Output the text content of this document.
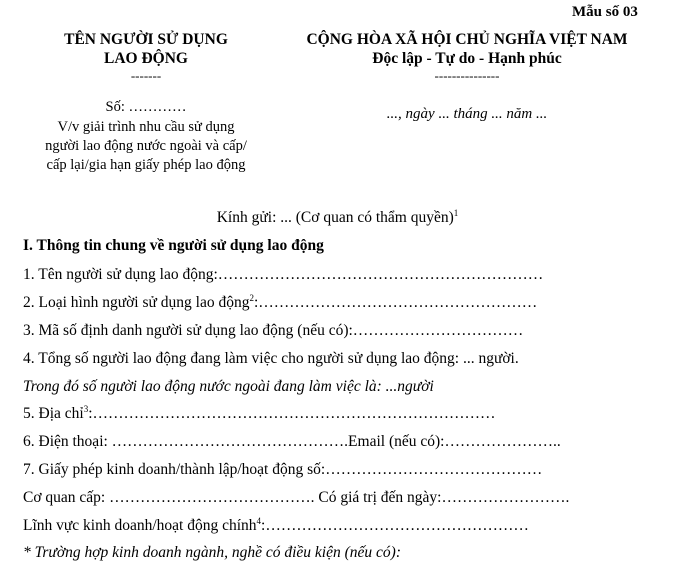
Mẫu số 03
TÊN NGƯỜI SỬ DỤNG
LAO ĐỘNG
-------
Số: …………
V/v giải trình nhu cầu sử dụng
người lao động nước ngoài và cấp/
cấp lại/gia hạn giấy phép lao động
CỘNG HÒA XÃ HỘI CHỦ NGHĨA VIỆT NAM
Độc lập - Tự do - Hạnh phúc
---------------
..., ngày ... tháng ... năm ...
Kính gửi: ... (Cơ quan có thẩm quyền)$^1$
I. Thông tin chung về người sử dụng lao động
1. Tên người sử dụng lao động:………………………………………………………
2. Loại hình người sử dụng lao động$^2$:………………………………………………
3. Mã số định danh người sử dụng lao động (nếu có):……………………………
4. Tổng số người lao động đang làm việc cho người sử dụng lao động: ... người.
Trong đó số người lao động nước ngoài đang làm việc là: ...người
5. Địa chỉ$^3$:……………………………………………………………………
6. Điện thoại: ……………………………………….Email (nếu có):…………………..
7. Giấy phép kinh doanh/thành lập/hoạt động số:……………………………………
Cơ quan cấp: …………………………………. Có giá trị đến ngày:…………………….
Lĩnh vực kinh doanh/hoạt động chính$^4$:……………………………………………
* Trường hợp kinh doanh ngành, nghề có điều kiện (nếu có):
